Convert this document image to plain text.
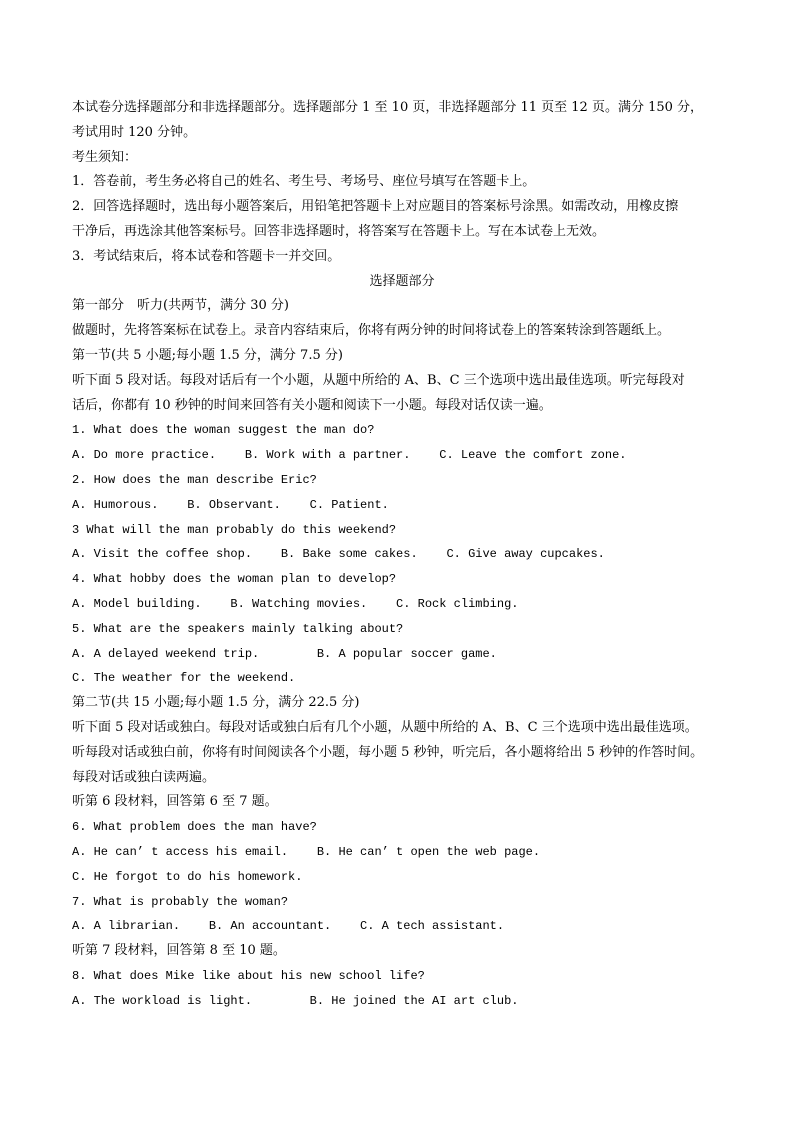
本试卷分选择题部分和非选择题部分。选择题部分 1 至 10 页，非选择题部分 11 页至 12 页。满分 150 分，

考试用时 120 分钟。

考生须知：

1．答卷前，考生务必将自己的姓名、考生号、考场号、座位号填写在答题卡上。

2．回答选择题时，选出每小题答案后，用铅笔把答题卡上对应题目的答案标号涂黑。如需改动，用橡皮擦

干净后，再选涂其他答案标号。回答非选择题时，将答案写在答题卡上。写在本试卷上无效。

3．考试结束后，将本试卷和答题卡一并交回。

选择题部分

第一部分　听力(共两节，满分 30 分)

做题时，先将答案标在试卷上。录音内容结束后，你将有两分钟的时间将试卷上的答案转涂到答题纸上。

第一节(共 5 小题;每小题 1.5 分，满分 7.5 分)

听下面 5 段对话。每段对话后有一个小题，从题中所给的 A、B、C 三个选项中选出最佳选项。听完每段对

话后，你都有 10 秒钟的时间来回答有关小题和阅读下一小题。每段对话仅读一遍。

1. What does the woman suggest the man do?

A. Do more practice.    B. Work with a partner.    C. Leave the comfort zone.

2. How does the man describe Eric?

A. Humorous.    B. Observant.    C. Patient.

3 What will the man probably do this weekend?

A. Visit the coffee shop.    B. Bake some cakes.    C. Give away cupcakes.

4. What hobby does the woman plan to develop?

A. Model building.    B. Watching movies.    C. Rock climbing.

5. What are the speakers mainly talking about?

A. A delayed weekend trip.        B. A popular soccer game.

C. The weather for the weekend.

第二节(共 15 小题;每小题 1.5 分，满分 22.5 分)

听下面 5 段对话或独白。每段对话或独白后有几个小题，从题中所给的 A、B、C 三个选项中选出最佳选项。

听每段对话或独白前，你将有时间阅读各个小题，每小题 5 秒钟，听完后，各小题将给出 5 秒钟的作答时间。

每段对话或独白读两遍。

听第 6 段材料，回答第 6 至 7 题。

6. What problem does the man have?

A. He can’ t access his email.    B. He can’ t open the web page.

C. He forgot to do his homework.

7. What is probably the woman?

A. A librarian.    B. An accountant.    C. A tech assistant.

听第 7 段材料，回答第 8 至 10 题。

8. What does Mike like about his new school life?

A. The workload is light.        B. He joined the AI art club.
